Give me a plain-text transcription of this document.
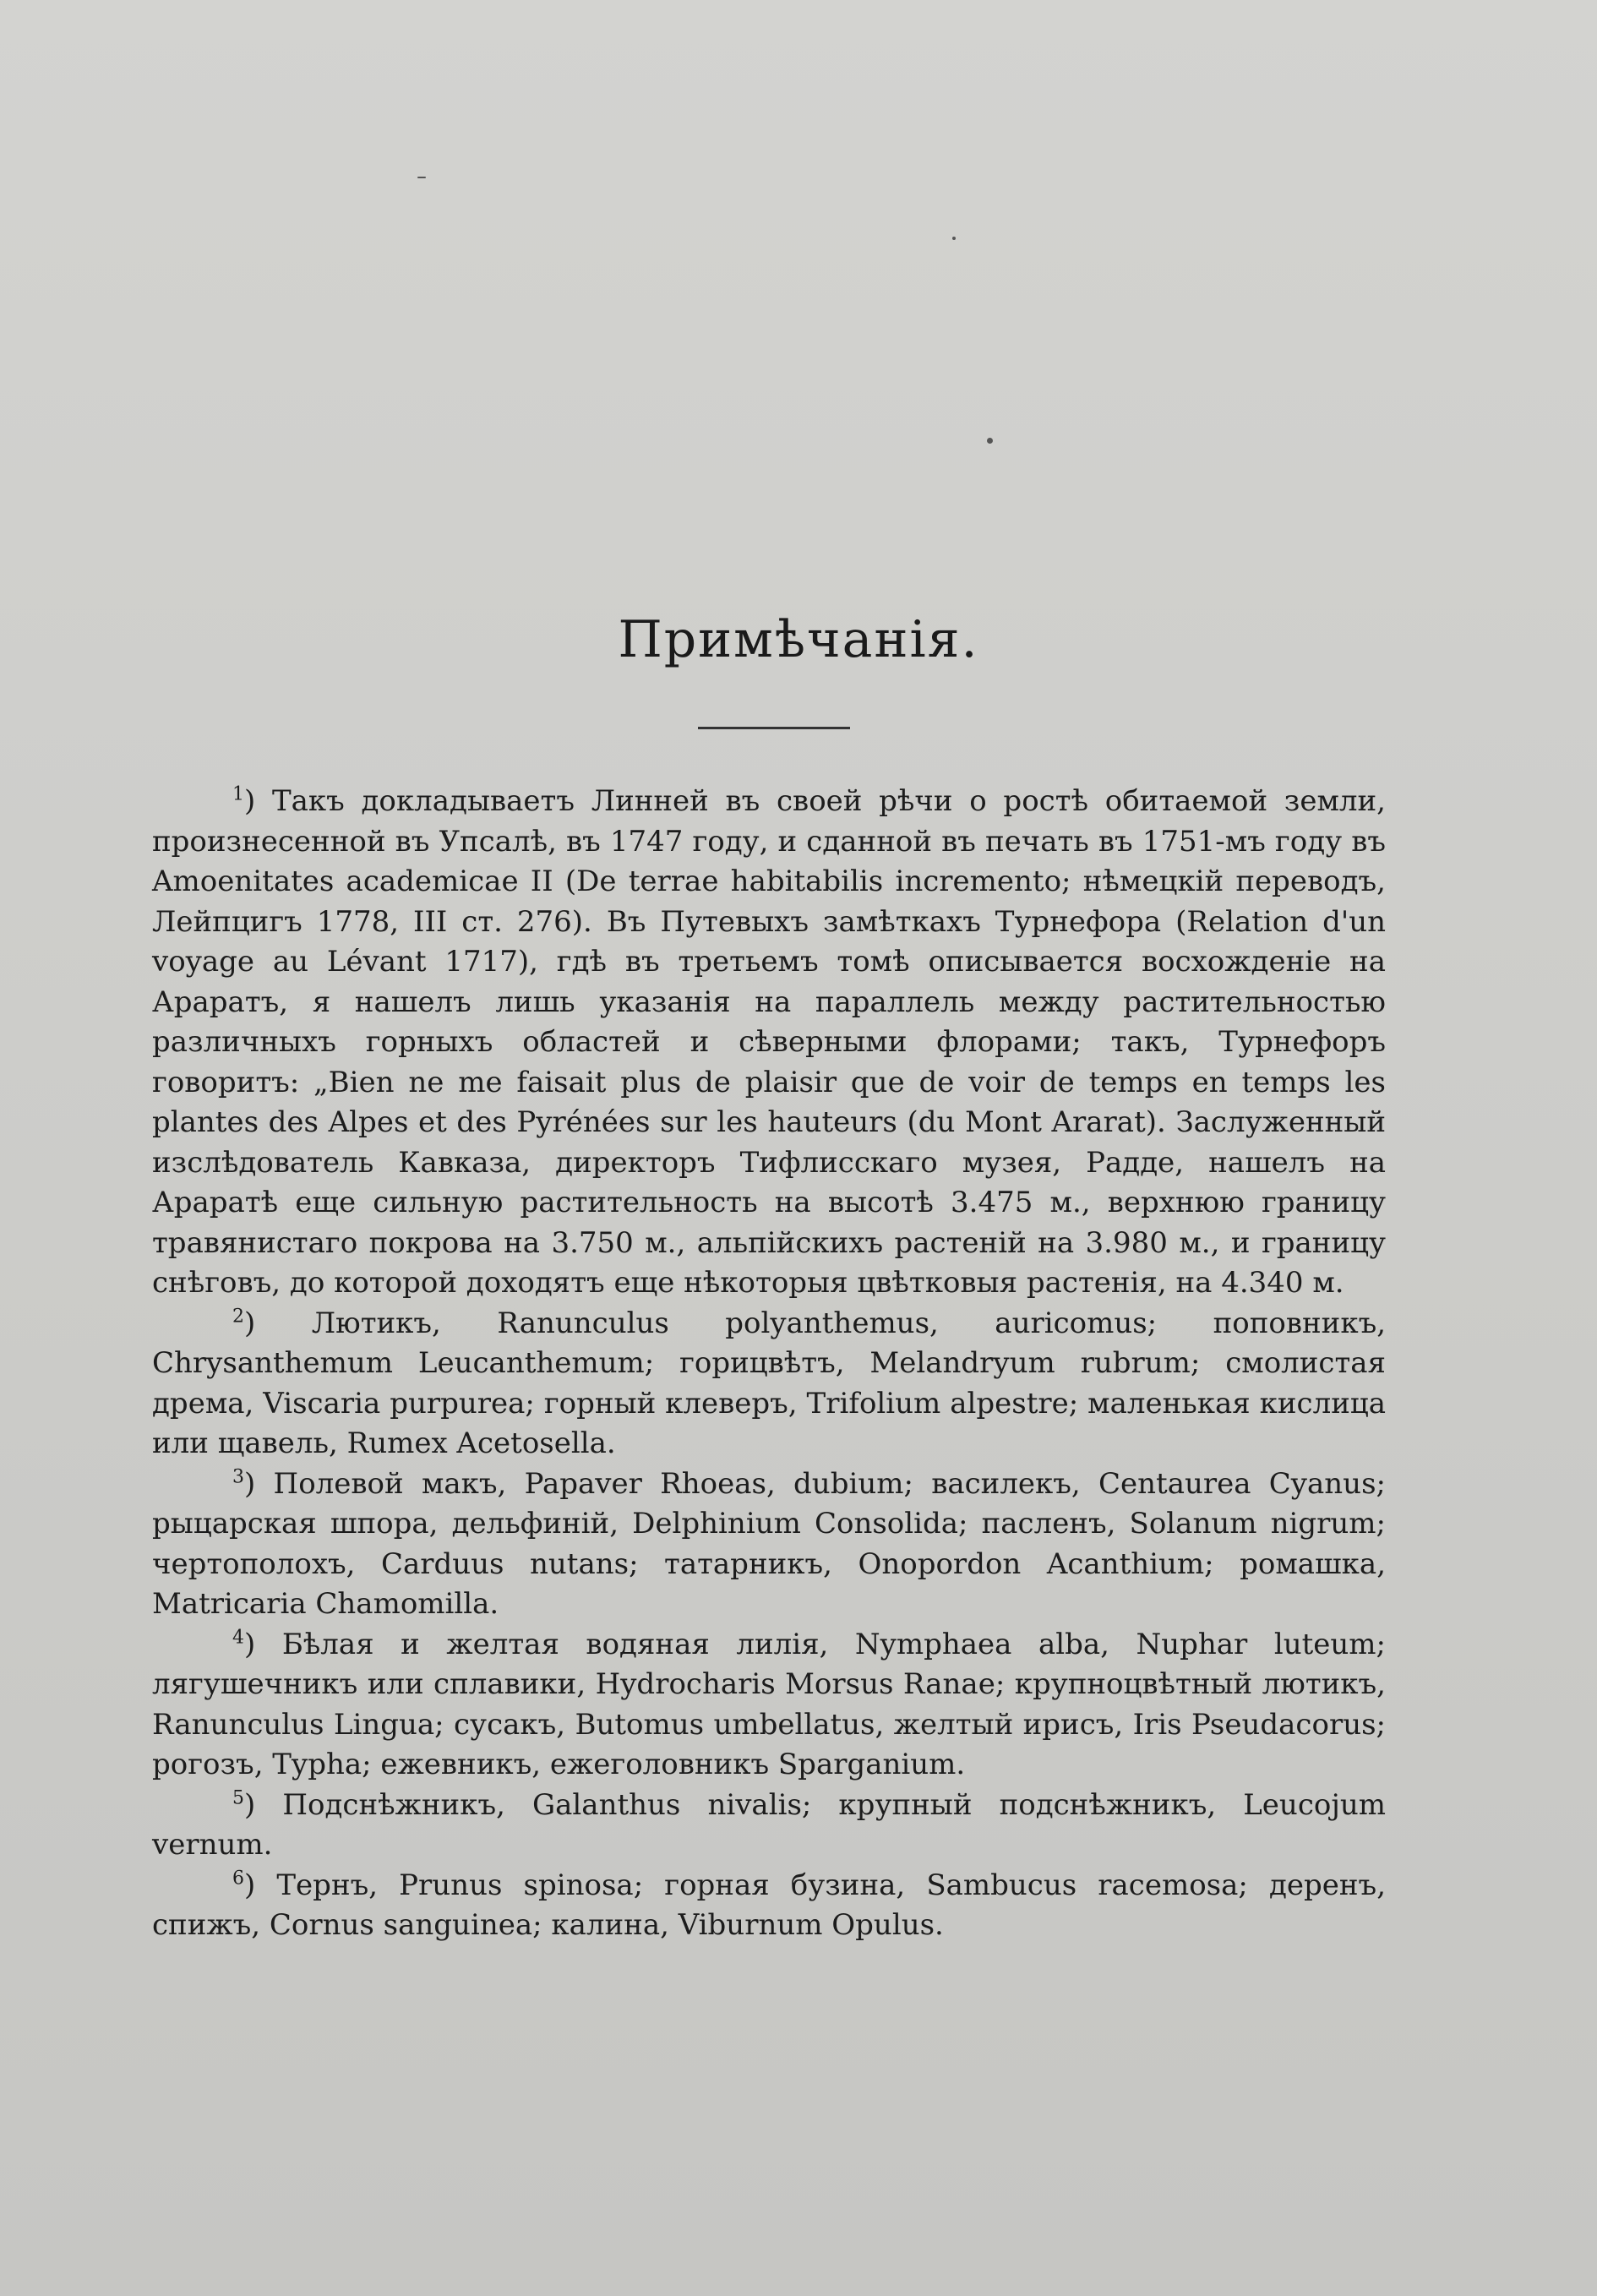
Примѣчанія.

$^1$) Такъ докладываетъ Линней въ своей рѣчи о ростѣ обитаемой земли, произнесенной въ Упсалѣ, въ 1747 году, и сданной въ печать въ 1751-мъ году въ Amoenitates academicae II (De terrae habitabilis incremento; нѣмецкій переводъ, Лейпцигъ 1778, III ст. 276). Въ Путевыхъ замѣткахъ Турнефора (Relation d'un voyage au Lévant 1717), гдѣ въ третьемъ томѣ описывается восхожденіе на Араратъ, я нашелъ лишь указанія на параллель между растительностью различныхъ горныхъ областей и сѣверными флорами; такъ, Турнефоръ говоритъ: „Bien ne me faisait plus de plaisir que de voir de temps en temps les plantes des Alpes et des Pyrénées sur les hauteurs (du Mont Ararat). Заслуженный изслѣдователь Кавказа, директоръ Тифлисскаго музея, Радде, нашелъ на Араратѣ еще сильную растительность на высотѣ 3.475 м., верхнюю границу травянистаго покрова на 3.750 м., альпійскихъ растеній на 3.980 м., и границу снѣговъ, до которой доходятъ еще нѣкоторыя цвѣтковыя растенія, на 4.340 м.

$^2$) Лютикъ, Ranunculus polyanthemus, auricomus; поповникъ, Chrysanthemum Leucanthemum; горицвѣтъ, Melandryum rubrum; смолистая дрема, Viscaria purpurea; горный клеверъ, Trifolium alpestre; маленькая кислица или щавель, Rumex Acetosella.

$^3$) Полевой макъ, Papaver Rhoeas, dubium; василекъ, Centaurea Cyanus; рыцарская шпора, дельфиній, Delphinium Consolida; пасленъ, Solanum nigrum; чертополохъ, Carduus nutans; татарникъ, Onopordon Acanthium; ромашка, Matricaria Chamomilla.

$^4$) Бѣлая и желтая водяная лилія, Nymphaea alba, Nuphar luteum; лягушечникъ или сплавики, Hydrocharis Morsus Ranae; крупноцвѣтный лютикъ, Ranunculus Lingua; сусакъ, Butomus umbellatus, желтый ирисъ, Iris Pseudacorus; рогозъ, Typha; ежевникъ, ежеголовникъ Sparganium.

$^5$) Подснѣжникъ, Galanthus nivalis; крупный подснѣжникъ, Leucojum vernum.

$^6$) Тернъ, Prunus spinosa; горная бузина, Sambucus racemosa; деренъ, спижъ, Cornus sanguinea; калина, Viburnum Opulus.
